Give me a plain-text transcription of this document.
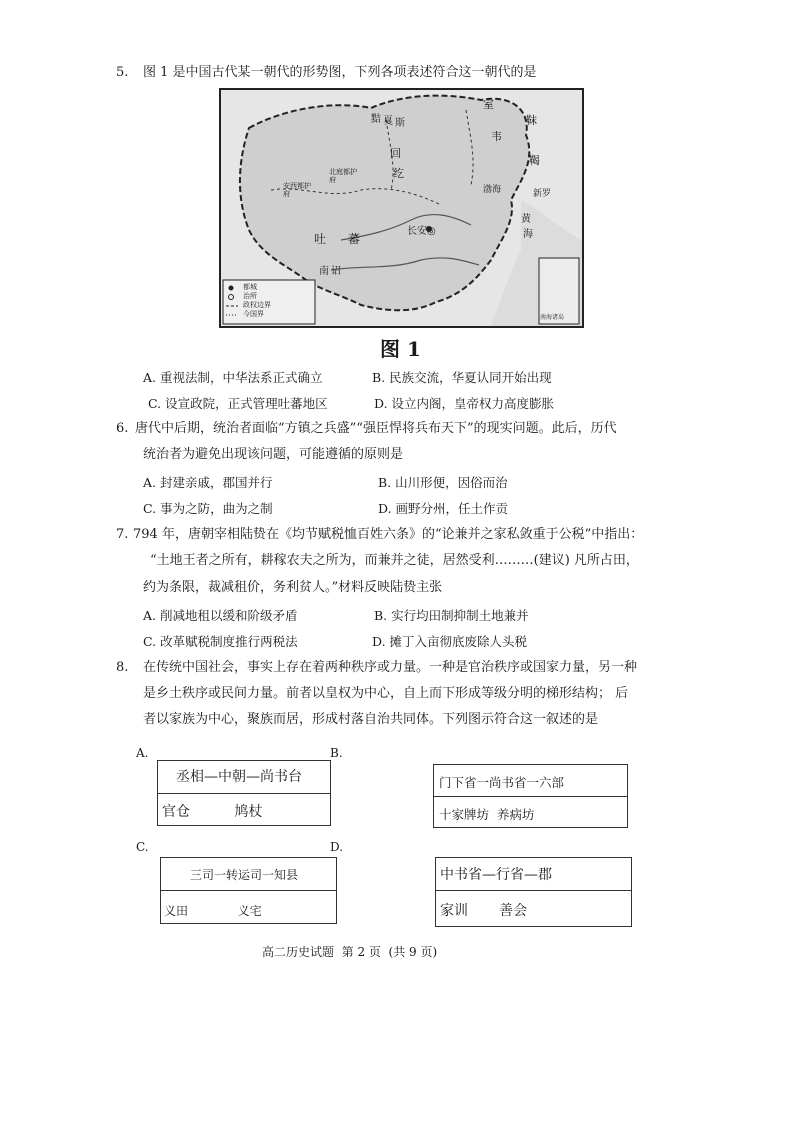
5. 图 1 是中国古代某一朝代的形势图，下列各项表述符合这一朝代的是
回
纥
黠 戛 斯
室
韦
靺
鞨
吐 蕃
长安◎
安西都护府
北庭都护府
黄
海
南 诏
渤海	新罗
南海诸岛
都城
治所
政权边界
今国界
图 1
A. 重视法制，中华法系正式确立	B. 民族交流，华夏认同开始出现
C. 设宣政院，正式管理吐蕃地区	D. 设立内阁，皇帝权力高度膨胀
6. 唐代中后期，统治者面临“方镇之兵盛”“强臣悍将兵布天下”的现实问题。此后，历代
统治者为避免出现该问题，可能遵循的原则是
A. 封建亲戚，郡国并行	B. 山川形便，因俗而治
C. 事为之防，曲为之制	D. 画野分州，任土作贡
7. 794 年，唐朝宰相陆贽在《均节赋税恤百姓六条》的“论兼并之家私敛重于公税”中指出：
“土地王者之所有，耕稼农夫之所为，而兼并之徒，居然受利………(建议) 凡所占田，
约为条限，裁减租价，务利贫人。”材料反映陆贽主张
A. 削减地租以缓和阶级矛盾	B. 实行均田制抑制土地兼并
C. 改革赋税制度推行两税法	D. 摊丁入亩彻底废除人头税
8. 在传统中国社会，事实上存在着两种秩序或力量。一种是官治秩序或国家力量，另一种
是乡土秩序或民间力量。前者以皇权为中心，自上而下形成等级分明的梯形结构； 后
者以家族为中心，聚族而居，形成村落自治共同体。下列图示符合这一叙述的是
A.
丞相—中朝—尚书台
官仓          鸠杖
B.
门下省一尚书省一六部
十家牌坊  养病坊
C.
三司一转运司一知县
义田             义宅
D.
中书省—行省—郡
家训       善会
高二历史试题  第 2 页  (共 9 页)
